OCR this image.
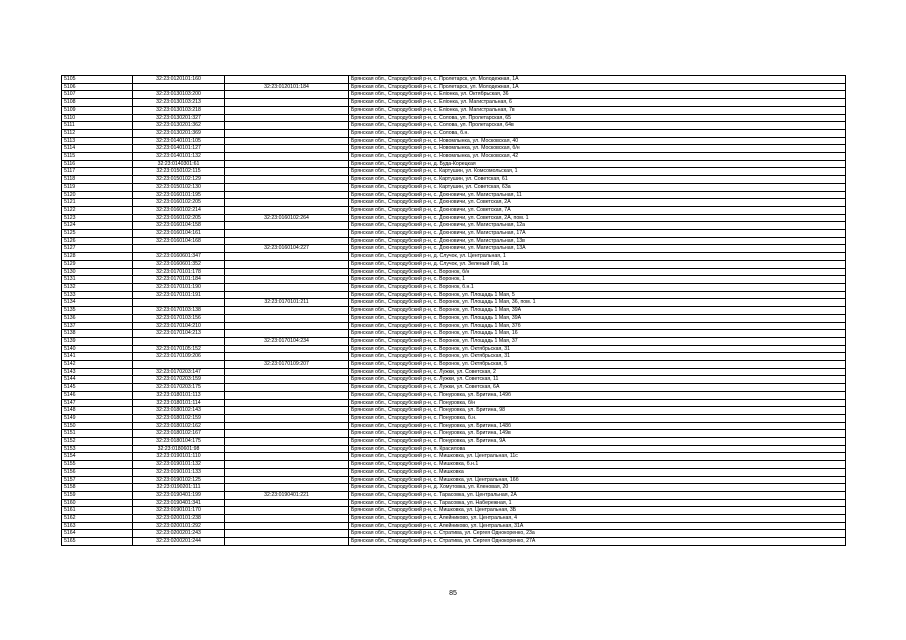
5105	32:23:0120101:160		Брянская обл., Стародубский р-н, с. Пролетарск, ул. Молодежная, 1А
5106		32:23:0120101:184	Брянская обл., Стародубский р-н, с. Пролетарск, ул. Молодежная, 1А
5107	32:23:0130103:200		Брянская обл., Стародубский р-н, с. Еліонка, ул. Октябрьская, 36
5108	32:23:0130103:213		Брянская обл., Стародубский р-н, с. Еліонка, ул. Магистральная, 6
5109	32:23:0130103:218		Брянская обл., Стародубский р-н, с. Еліонка, ул. Магистральная, 7в
5110	32:23:0130201:327		Брянская обл., Стародубский р-н, с. Солова, ул. Пролетарская, 65
5111	32:23:0130201:362		Брянская обл., Стародубский р-н, с. Солова, ул. Пролетарская, 64в
5112	32:23:0130201:369		Брянская обл., Стародубский р-н, с. Солова, б.н.
5113	32:23:0140101:105		Брянская обл., Стародубский р-н, с. Новомлынка, ул. Московская, 40
5114	32:23:0140101:127		Брянская обл., Стародубский р-н, с. Новомлынка, ул. Московская, б/н
5115	32:23:0140101:132		Брянская обл., Стародубский р-н, с. Новомлынка, ул. Московская, 42
5116	32:23:0140301:61		Брянская обл., Стародубский р-н, д. Буда-Корецкая
5117	32:23:0150102:115		Брянская обл., Стародубский р-н, с. Картушин, ул. Комсомольская, 1
5118	32:23:0150102:129		Брянская обл., Стародубский р-н, с. Картушин, ул. Советская, 61
5119	32:23:0150102:130		Брянская обл., Стародубский р-н, с. Картушин, ул. Советская, 63а
5120	32:23:0160101:195		Брянская обл., Стародубский р-н, с. Дохновичи, ул. Магистральная, 11
5121	32:23:0160102:205		Брянская обл., Стародубский р-н, с. Дохновичи, ул. Советская, 2А
5122	32:23:0160102:214		Брянская обл., Стародубский р-н, с. Дохновичи, ул. Советская, 7А
5123	32:23:0160102:205	32:23:0160102:264	Брянская обл., Стародубский р-н, с. Дохновичи, ул. Советская, 2А, пом. 1
5124	32:23:0160104:158		Брянская обл., Стародубский р-н, с. Дохновичи, ул. Магистральная, 12а
5125	32:23:0160104:161		Брянская обл., Стародубский р-н, с. Дохновичи, ул. Магистральная, 17А
5126	32:23:0160104:168		Брянская обл., Стародубский р-н, с. Дохновичи, ул. Магистральная, 13в
5127		32:23:0160104:227	Брянская обл., Стародубский р-н, с. Дохновичи, ул. Магистральная, 13А
5128	32:23:0160601:347		Брянская обл., Стародубский р-н, д. Случок, ул. Центральная, 1
5129	32:23:0160601:352		Брянская обл., Стародубский р-н, д. Случок, ул. Зеленый Гай, 1а
5130	32:23:0170101:178		Брянская обл., Стародубский р-н, с. Воронок, б/н
5131	32:23:0170101:184		Брянская обл., Стародубский р-н, с. Воронок, 1
5132	32:23:0170101:190		Брянская обл., Стародубский р-н, с. Воронок, б.н.1
5133	32:23:0170101:191		Брянская обл., Стародубский р-н, с. Воронок, ул. Площадь 1 Мая, 5
5134		32:23:0170101:211	Брянская обл., Стародубский р-н, с. Воронок, ул. Площадь 1 Мая, 36, пом. 1
5135	32:23:0170103:138		Брянская обл., Стародубский р-н, с. Воронок, ул. Площадь 1 Мая, 39А
5136	32:23:0170103:156		Брянская обл., Стародубский р-н, с. Воронок, ул. Площадь 1 Мая, 39А
5137	32:23:0170104:210		Брянская обл., Стародубский р-н, с. Воронок, ул. Площадь 1 Мая, 37б
5138	32:23:0170104:213		Брянская обл., Стародубский р-н, с. Воронок, ул. Площадь 1 Мая, 16
5139		32:23:0170104:234	Брянская обл., Стародубский р-н, с. Воронок, ул. Площадь 1 Мая, 37
5140	32:23:0170105:152		Брянская обл., Стародубский р-н, с. Воронок, ул. Октябрьская, 31
5141	32:23:0170109:206		Брянская обл., Стародубский р-н, с. Воронок, ул. Октябрьская, 31
5142		32:23:0170109:207	Брянская обл., Стародубский р-н, с. Воронок, ул. Октябрьская, 5
5143	32:23:0170203:147		Брянская обл., Стародубский р-н, с. Лужки, ул. Советская, 2
5144	32:23:0170203:159		Брянская обл., Стародубский р-н, с. Лужки, ул. Советская, 11
5145	32:23:0170203:175		Брянская обл., Стародубский р-н, с. Лужки, ул. Советская, 6А
5146	32:23:0180101:113		Брянская обл., Стародубский р-н, с. Понуровка, ул. Бритина, 149б
5147	32:23:0180101:114		Брянская обл., Стародубский р-н, с. Понуровка, б/н
5148	32:23:0180102:143		Брянская обл., Стародубский р-н, с. Понуровка, ул. Бритина, 98
5149	32:23:0180102:159		Брянская обл., Стародубский р-н, с. Понуровка, б.н.
5150	32:23:0180102:162		Брянская обл., Стародубский р-н, с. Понуровка, ул. Бритина, 148б
5151	32:23:0180102:167		Брянская обл., Стародубский р-н, с. Понуровка, ул. Бритина, 149в
5152	32:23:0180104:175		Брянская обл., Стародубский р-н, с. Понуровка, ул. Бритина, 9А
5153	32:23:0180601:98		Брянская обл., Стародубский р-н, п. Красилова
5154	32:23:0190101:110		Брянская обл., Стародубский р-н, с. Мишковка, ул. Центральная, 11с
5155	32:23:0190101:132		Брянская обл., Стародубский р-н, с. Мишковка, б.н.1
5156	32:23:0190101:133		Брянская обл., Стародубский р-н, с. Мишковка
5157	32:23:0190102:125		Брянская обл., Стародубский р-н, с. Мишковка, ул. Центральная, 16б
5158	32:23:0190201:111		Брянская обл., Стародубский р-н, д. Хомутовка, ул. Кленовая, 20
5159	32:23:0190401:199	32:23:0190401:221	Брянская обл., Стародубский р-н, с. Тарасовка, ул. Центральная, 2А
5160	32:23:0190401:341		Брянская обл., Стародубский р-н, с. Тарасовка, ул. Набережная, 1
5161	32:23:0190101:170		Брянская обл., Стародубский р-н, с. Мишковка, ул. Центральная, 3Б
5162	32:23:0200101:238		Брянская обл., Стародубский р-н, с. Алейниково, ул. Центральная, 4
5163	32:23:0200101:292		Брянская обл., Стародубский р-н, с. Алейниково, ул. Центральная, 31А
5164	32:23:0200201:243		Брянская обл., Стародубский р-н, с. Стратива, ул. Сергея Однокоренко, 23а
5165	32:23:0200201:244		Брянская обл., Стародубский р-н, с. Стратива, ул. Сергея Однокоренко, 27А
85
